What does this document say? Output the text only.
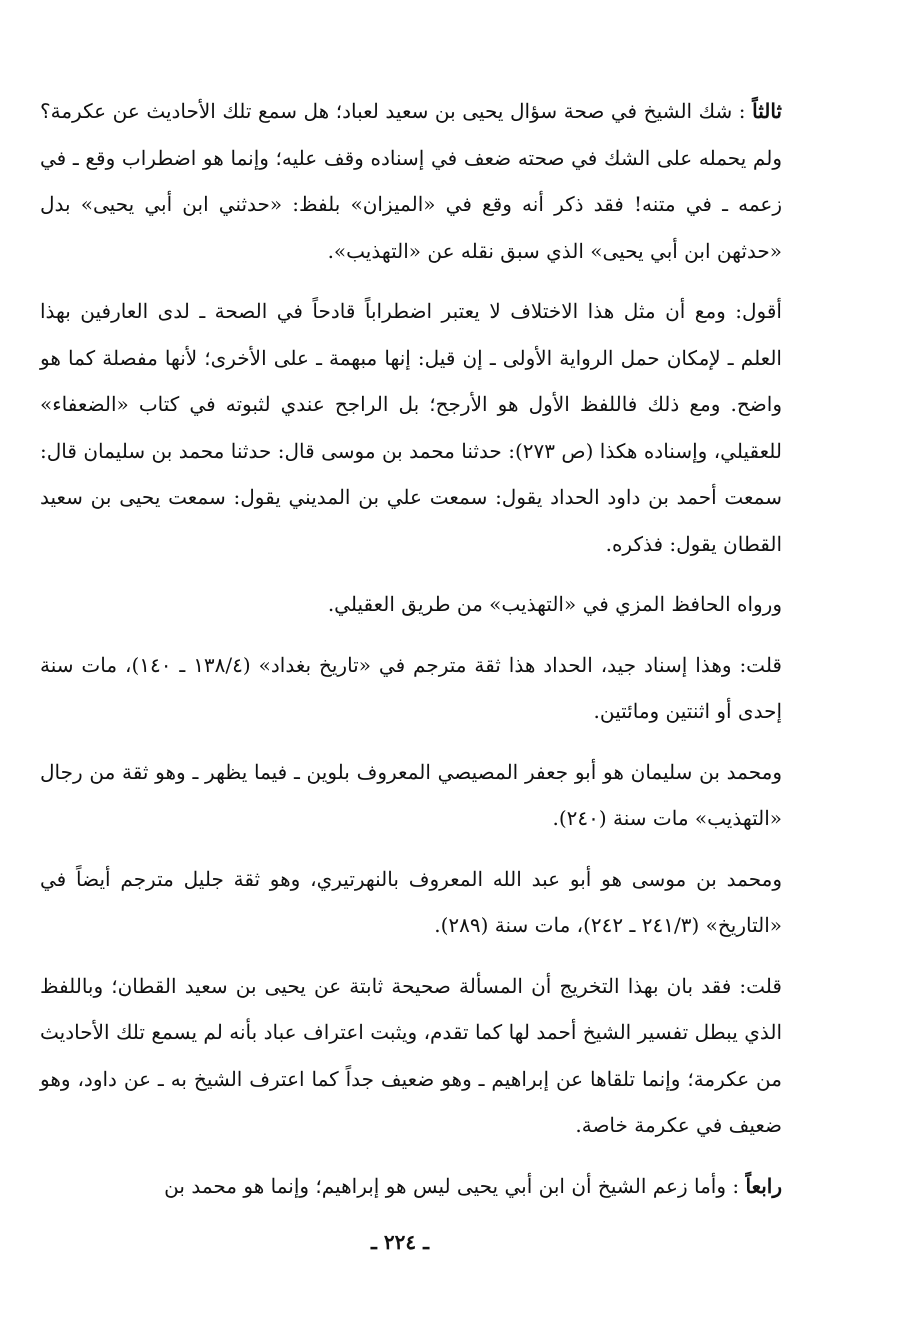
ثالثاً : شك الشيخ في صحة سؤال يحيى بن سعيد لعباد؛ هل سمع تلك الأحاديث عن عكرمة؟ ولم يحمله على الشك في صحته ضعف في إسناده وقف عليه؛ وإنما هو اضطراب وقع ـ في زعمه ـ في متنه! فقد ذكر أنه وقع في «الميزان» بلفظ: «حدثني ابن أبي يحيى» بدل «حدثهن ابن أبي يحيى» الذي سبق نقله عن «التهذيب».

أقول: ومع أن مثل هذا الاختلاف لا يعتبر اضطراباً قادحاً في الصحة ـ لدى العارفين بهذا العلم ـ لإمكان حمل الرواية الأولى ـ إن قيل: إنها مبهمة ـ على الأخرى؛ لأنها مفصلة كما هو واضح. ومع ذلك فاللفظ الأول هو الأرجح؛ بل الراجح عندي لثبوته في كتاب «الضعفاء» للعقيلي، وإسناده هكذا (ص ٢٧٣): حدثنا محمد بن موسى قال: حدثنا محمد بن سليمان قال: سمعت أحمد بن داود الحداد يقول: سمعت علي بن المديني يقول: سمعت يحيى بن سعيد القطان يقول: فذكره.

ورواه الحافظ المزي في «التهذيب» من طريق العقيلي.

قلت: وهذا إسناد جيد، الحداد هذا ثقة مترجم في «تاريخ بغداد» (١٣٨/٤ ـ ١٤٠)، مات سنة إحدى أو اثنتين ومائتين.

ومحمد بن سليمان هو أبو جعفر المصيصي المعروف بلوين ـ فيما يظهر ـ وهو ثقة من رجال «التهذيب» مات سنة (٢٤٠).

ومحمد بن موسى هو أبو عبد الله المعروف بالنهرتيري، وهو ثقة جليل مترجم أيضاً في «التاريخ» (٢٤١/٣ ـ ٢٤٢)، مات سنة (٢٨٩).

قلت: فقد بان بهذا التخريج أن المسألة صحيحة ثابتة عن يحيى بن سعيد القطان؛ وباللفظ الذي يبطل تفسير الشيخ أحمد لها كما تقدم، ويثبت اعتراف عباد بأنه لم يسمع تلك الأحاديث من عكرمة؛ وإنما تلقاها عن إبراهيم ـ وهو ضعيف جداً كما اعترف الشيخ به ـ عن داود، وهو ضعيف في عكرمة خاصة.

رابعاً : وأما زعم الشيخ أن ابن أبي يحيى ليس هو إبراهيم؛ وإنما هو محمد بن

ـ ٢٢٤ ـ
